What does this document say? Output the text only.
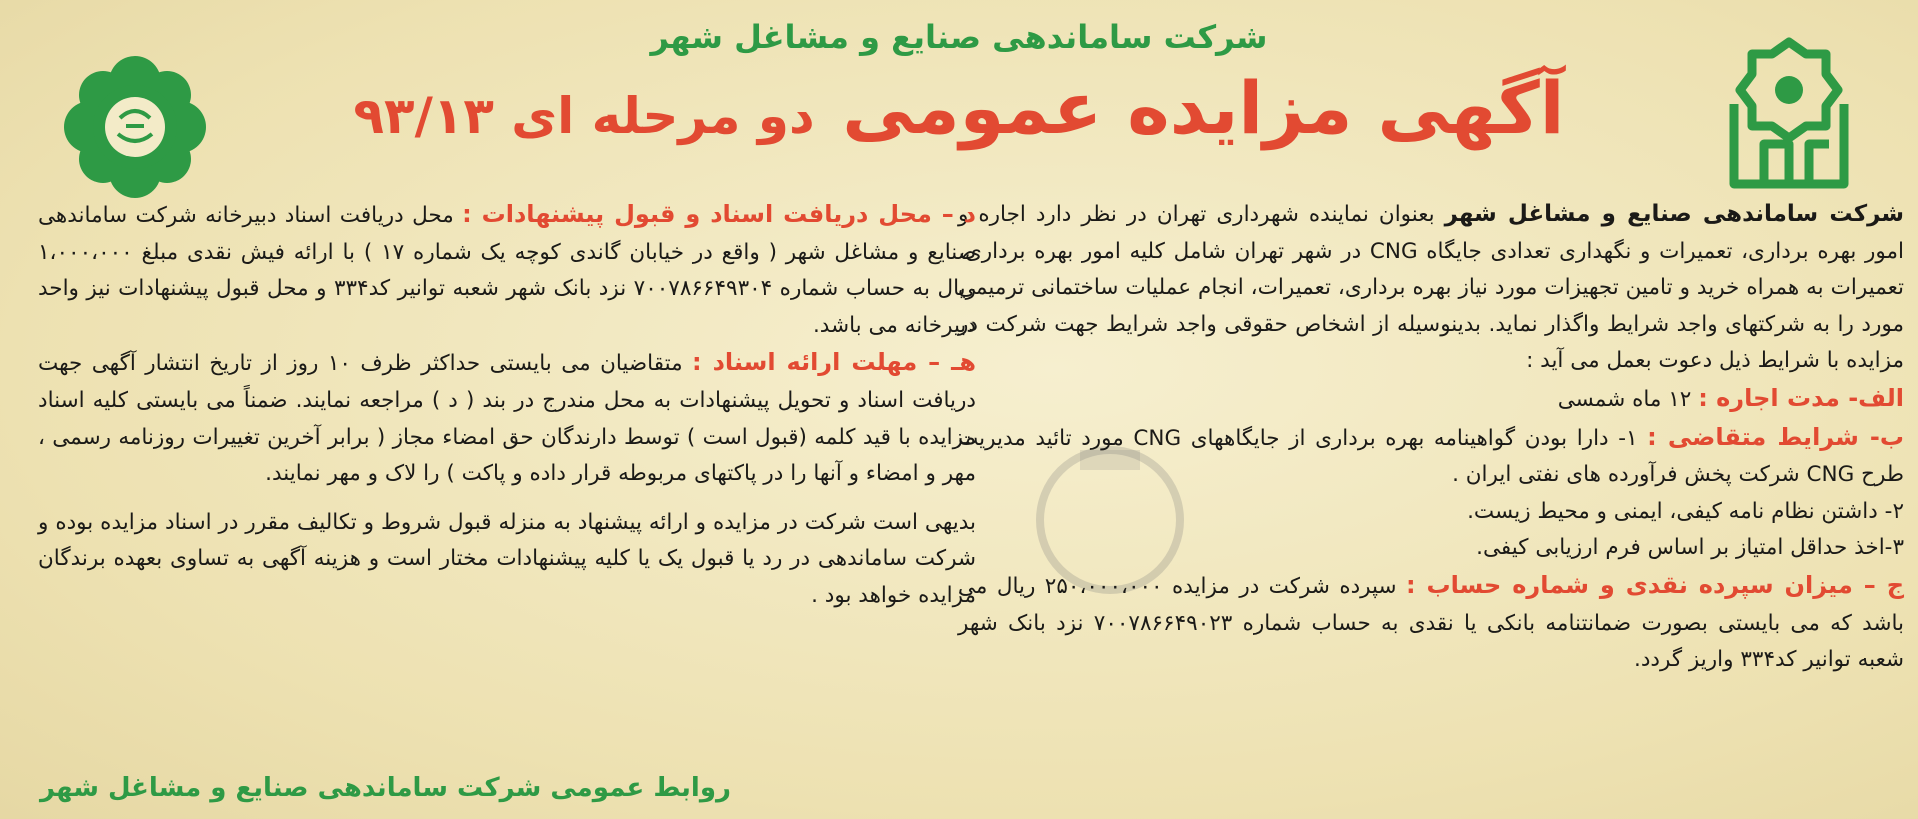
شرکت ساماندهی صنایع و مشاغل شهر
آگهی مزایده عمومی دو مرحله ای ۹۳/۱۳

شرکت ساماندهی صنایع و مشاغل شهر بعنوان نماینده شهرداری تهران در نظر دارد اجاره و امور بهره برداری، تعمیرات و نگهداری تعدادی جایگاه CNG در شهر تهران شامل کلیه امور بهره برداری، تعمیرات به همراه خرید و تامین تجهیزات مورد نیاز بهره برداری، تعمیرات، انجام عملیات ساختمانی ترمیمی مورد را به شرکتهای واجد شرایط واگذار نماید. بدینوسیله از اشخاص حقوقی واجد شرایط جهت شرکت در مزایده با شرایط ذیل دعوت بعمل می آید :

الف- مدت اجاره : ۱۲ ماه شمسی

ب- شرایط متقاضی : ۱- دارا بودن گواهینامه بهره برداری از جایگاههای CNG مورد تائید مدیریت طرح CNG شرکت پخش فرآورده های نفتی ایران .

۲- داشتن نظام نامه کیفی، ایمنی و محیط زیست.

۳-اخذ حداقل امتیاز بر اساس فرم ارزیابی کیفی.

ج – میزان سپرده نقدی و شماره حساب : سپرده شرکت در مزایده ۲۵۰،۰۰۰،۰۰۰ ریال می باشد که می بایستی بصورت ضمانتنامه بانکی یا نقدی به حساب شماره ۷۰۰۷۸۶۶۴۹۰۲۳ نزد بانک شهر شعبه توانیر کد۳۳۴ واریز گردد.

د – محل دریافت اسناد و قبول پیشنهادات : محل دریافت اسناد دبیرخانه شرکت ساماندهی صنایع و مشاغل شهر ( واقع در خیابان گاندی کوچه یک شماره ۱۷ ) با ارائه فیش نقدی مبلغ ۱،۰۰۰،۰۰۰ ریال به حساب شماره ۷۰۰۷۸۶۶۴۹۳۰۴ نزد بانک شهر شعبه توانیر کد۳۳۴ و محل قبول پیشنهادات نیز واحد دبیرخانه می باشد.

هـ – مهلت ارائه اسناد : متقاضیان می بایستی حداکثر ظرف ۱۰ روز از تاریخ انتشار آگهی جهت دریافت اسناد و تحویل پیشنهادات به محل مندرج در بند ( د ) مراجعه نمایند. ضمناً می بایستی کلیه اسناد مزایده با قید کلمه (قبول است ) توسط دارندگان حق امضاء مجاز ( برابر آخرین تغییرات روزنامه رسمی ، مهر و امضاء و آنها را در پاکتهای مربوطه قرار داده و پاکت ) را لاک و مهر نمایند.

بدیهی است شرکت در مزایده و ارائه پیشنهاد به منزله قبول شروط و تکالیف مقرر در اسناد مزایده بوده و شرکت ساماندهی در رد یا قبول یک یا کلیه پیشنهادات مختار است و هزینه آگهی به تساوی بعهده برندگان مزایده خواهد بود .

روابط عمومی شرکت ساماندهی صنایع و مشاغل شهر
